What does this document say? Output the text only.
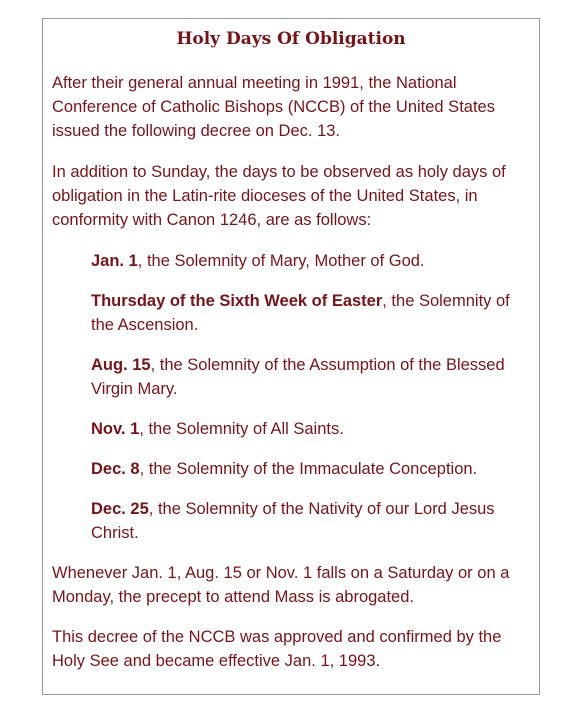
Holy Days Of Obligation

After their general annual meeting in 1991, the National Conference of Catholic Bishops (NCCB) of the United States issued the following decree on Dec. 13.

In addition to Sunday, the days to be observed as holy days of obligation in the Latin-rite dioceses of the United States, in conformity with Canon 1246, are as follows:

Jan. 1, the Solemnity of Mary, Mother of God.

Thursday of the Sixth Week of Easter, the Solemnity of the Ascension.

Aug. 15, the Solemnity of the Assumption of the Blessed Virgin Mary.

Nov. 1, the Solemnity of All Saints.

Dec. 8, the Solemnity of the Immaculate Conception.

Dec. 25, the Solemnity of the Nativity of our Lord Jesus Christ.

Whenever Jan. 1, Aug. 15 or Nov. 1 falls on a Saturday or on a Monday, the precept to attend Mass is abrogated.

This decree of the NCCB was approved and confirmed by the Holy See and became effective Jan. 1, 1993.
